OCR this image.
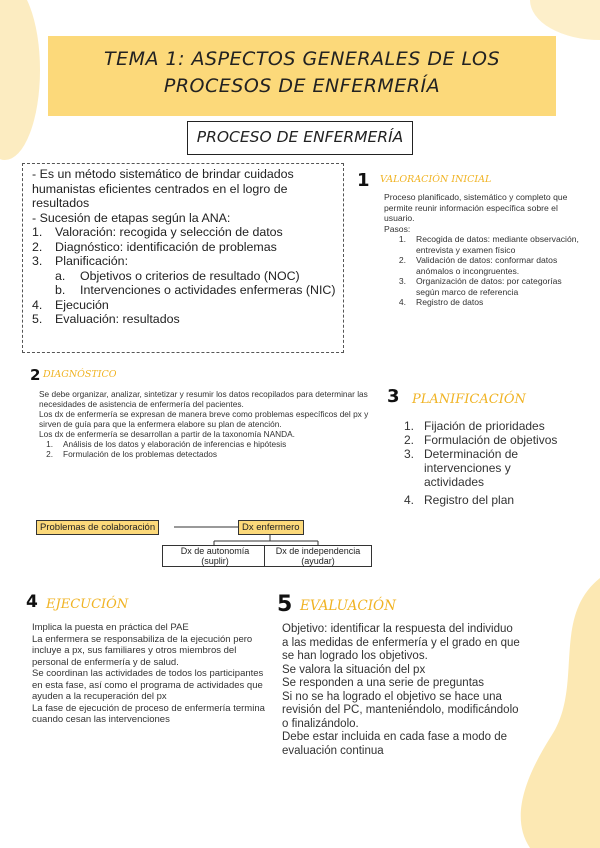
TEMA 1: ASPECTOS GENERALES DE LOS
PROCESOS DE ENFERMERÍA
PROCESO DE ENFERMERÍA

- Es un método sistemático de brindar cuidados humanistas eficientes centrados en el logro de resultados

- Sucesión de etapas según la ANA:

1.	Valoración: recogida y selección de datos
2.	Diagnóstico: identificación de problemas
3.	Planificación:
a.	Objetivos o criterios de resultado (NOC)
b.	Intervenciones o actividades enfermeras (NIC)
4.	Ejecución
5.	Evaluación: resultados
1 VALORACIÓN INICIAL

Proceso planificado, sistemático y completo que permite reunir información específica sobre el usuario.

Pasos:

1. Recogida de datos: mediante observación, entrevista y examen físico
2. Validación de datos: conformar datos anómalos o incongruentes.
3. Organización de datos: por categorías según marco de referencia
4. Registro de datos
2 DIAGNÓSTICO

Se debe organizar, analizar, sintetizar y resumir los datos recopilados para determinar las necesidades de asistencia de enfermería del pacientes.

Los dx de enfermería se expresan de manera breve como problemas específicos del px y sirven de guía para que la enfermera elabore su plan de atención.

Los dx de enfermería se desarrollan a partir de la taxonomía NANDA.

1. Análisis de los datos y elaboración de inferencias e hipótesis
2. Formulación de los problemas detectados
3 PLANIFICACIÓN
1. Fijación de prioridades
2. Formulación de objetivos
3. Determinación de intervenciones y actividades
4. Registro del plan
Problemas de colaboración	Dx enfermero
Dx de autonomía
(suplir)
Dx de independencia
(ayudar)
4 EJECUCIÓN

Implica la puesta en práctica del PAE

La enfermera se responsabiliza de la ejecución pero incluye a px, sus familiares y otros miembros del personal de enfermería y de salud.

Se coordinan las actividades de todos los participantes en esta fase, así como el programa de actividades que ayuden a la recuperación del px

La fase de ejecución de proceso de enfermería termina cuando cesan las intervenciones

5 EVALUACIÓN
Objetivo: identificar la respuesta del individuo a las medidas de enfermería y el grado en que se han logrado los objetivos.
Se valora la situación del px
Se responden a una serie de preguntas
Si no se ha logrado el objetivo se hace una revisión del PC, manteniéndolo, modificándolo o finalizándolo.
Debe estar incluida en cada fase a modo de evaluación continua
